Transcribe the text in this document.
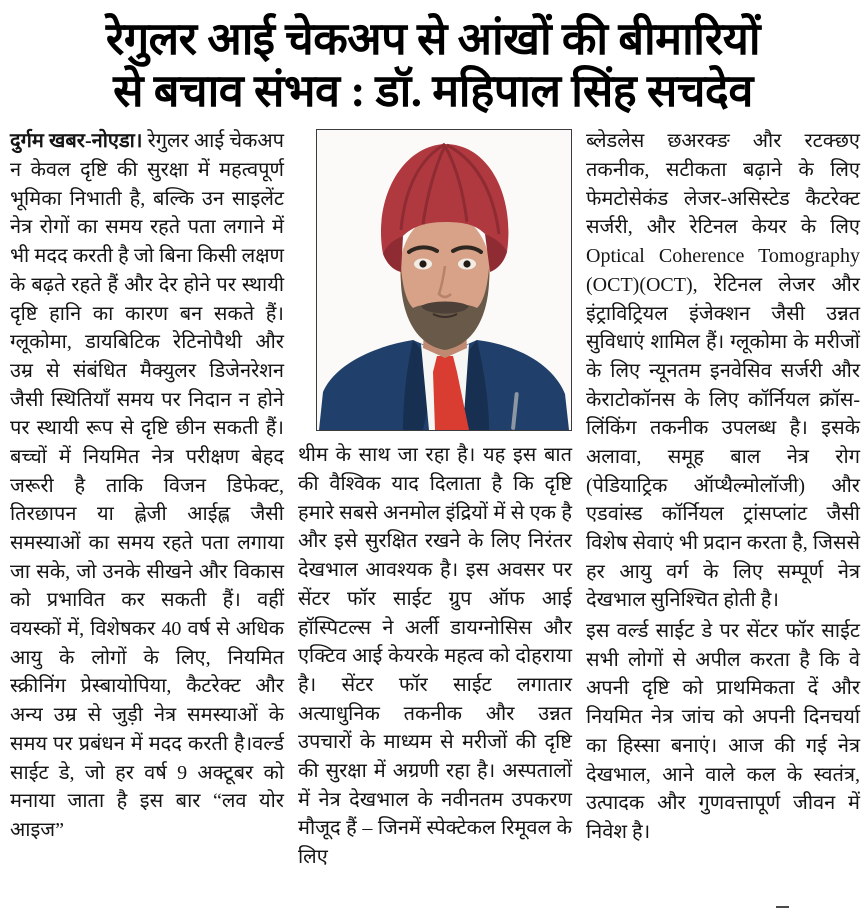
रेगुलर आई चेकअप से आंखों की बीमारियों
से बचाव संभव : डॉ. महिपाल सिंह सचदेव

दुर्गम खबर-नोएडा। रेगुलर आई चेकअप न केवल दृष्टि की सुरक्षा में महत्वपूर्ण भूमिका निभाती है, बल्कि उन साइलेंट नेत्र रोगों का समय रहते पता लगाने में भी मदद करती है जो बिना किसी लक्षण के बढ़ते रहते हैं और देर होने पर स्थायी दृष्टि हानि का कारण बन सकते हैं। ग्लूकोमा, डायबिटिक रेटिनोपैथी और उम्र से संबंधित मैक्युलर डिजेनरेशन जैसी स्थितियाँ समय पर निदान न होने पर स्थायी रूप से दृष्टि छीन सकती हैं।बच्चों में नियमित नेत्र परीक्षण बेहद जरूरी है ताकि विजन डिफेक्ट, तिरछापन या ह्लेजी आईह्ल जैसी समस्याओं का समय रहते पता लगाया जा सके, जो उनके सीखने और विकास को प्रभावित कर सकती हैं। वहीं वयस्कों में, विशेषकर 40 वर्ष से अधिक आयु के लोगों के लिए, नियमित स्क्रीनिंग प्रेस्बायोपिया, कैटरेक्ट और अन्य उम्र से जुड़ी नेत्र समस्याओं के समय पर प्रबंधन में मदद करती है।वर्ल्ड साईट डे, जो हर वर्ष 9 अक्टूबर को मनाया जाता है इस बार “लव योर आइज”

थीम के साथ जा रहा है। यह इस बात की वैश्विक याद दिलाता है कि दृष्टि हमारे सबसे अनमोल इंद्रियों में से एक है और इसे सुरक्षित रखने के लिए निरंतर देखभाल आवश्यक है। इस अवसर पर सेंटर फॉर साईट ग्रुप ऑफ आई हॉस्पिटल्स ने अर्ली डायग्नोसिस और एक्टिव आई केयरके महत्व को दोहराया है। सेंटर फॉर साईट लगातार अत्याधुनिक तकनीक और उन्नत उपचारों के माध्यम से मरीजों की दृष्टि की सुरक्षा में अग्रणी रहा है। अस्पतालों में नेत्र देखभाल के नवीनतम उपकरण मौजूद हैं – जिनमें स्पेक्टेकल रिमूवल के लिए

ब्लेडलेस छअरक्ङ और रटक्छए तकनीक, सटीकता बढ़ाने के लिए फेमटोसेकंड लेजर-असिस्टेड कैटरेक्ट सर्जरी, और रेटिनल केयर के लिए Optical Coherence Tomography (OCT)(OCT), रेटिनल लेजर और इंट्राविट्रियल इंजेक्शन जैसी उन्नत सुविधाएं शामिल हैं। ग्लूकोमा के मरीजों के लिए न्यूनतम इनवेसिव सर्जरी और केराटोकॉनस के लिए कॉर्नियल क्रॉस-लिंकिंग तकनीक उपलब्ध है। इसके अलावा, समूह बाल नेत्र रोग (पेडियाट्रिक ऑप्थैल्मोलॉजी) और एडवांस्ड कॉर्नियल ट्रांसप्लांट जैसी विशेष सेवाएं भी प्रदान करता है, जिससे हर आयु वर्ग के लिए सम्पूर्ण नेत्र देखभाल सुनिश्चित होती है।

इस वर्ल्ड साईट डे पर सेंटर फॉर साईट सभी लोगों से अपील करता है कि वे अपनी दृष्टि को प्राथमिकता दें और नियमित नेत्र जांच को अपनी दिनचर्या का हिस्सा बनाएं। आज की गई नेत्र देखभाल, आने वाले कल के स्वतंत्र, उत्पादक और गुणवत्तापूर्ण जीवन में निवेश है।
